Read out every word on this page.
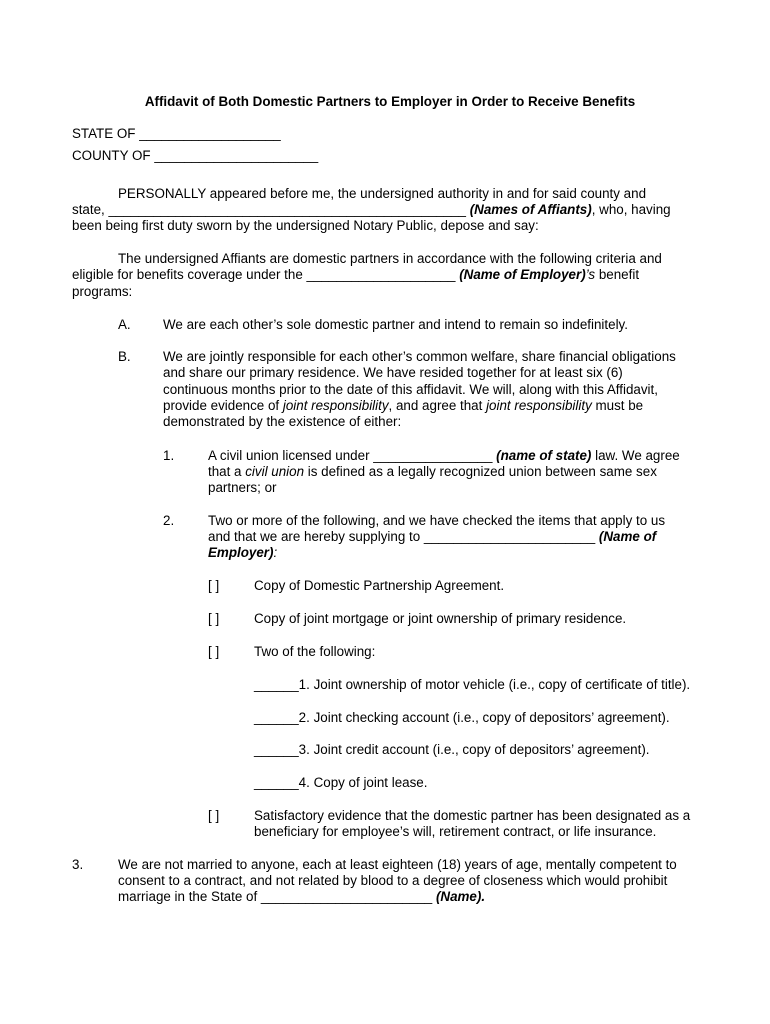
Affidavit of Both Domestic Partners to Employer in Order to Receive Benefits
STATE OF ___________________
COUNTY OF ______________________
PERSONALLY appeared before me, the undersigned authority in and for said county and
state, ________________________________________________ (Names of Affiants), who, having
been being first duty sworn by the undersigned Notary Public, depose and say:
The undersigned Affiants are domestic partners in accordance with the following criteria and
eligible for benefits coverage under the ____________________ (Name of Employer)’s benefit
programs:
A. We are each other’s sole domestic partner and intend to remain so indefinitely.
B. We are jointly responsible for each other’s common welfare, share financial obligations
and share our primary residence. We have resided together for at least six (6)
continuous months prior to the date of this affidavit. We will, along with this Affidavit,
provide evidence of joint responsibility, and agree that joint responsibility must be
demonstrated by the existence of either:
1.	A civil union licensed under ________________ (name of state) law. We agree
that a civil union is defined as a legally recognized union between same sex
partners; or
2.	Two or more of the following, and we have checked the items that apply to us
and that we are hereby supplying to _______________________ (Name of
Employer):
[ ]	Copy of Domestic Partnership Agreement.
[ ]	Copy of joint mortgage or joint ownership of primary residence.
[ ]	Two of the following:
______1. Joint ownership of motor vehicle (i.e., copy of certificate of title).
______2. Joint checking account (i.e., copy of depositors’ agreement).
______3. Joint credit account (i.e., copy of depositors’ agreement).
______4. Copy of joint lease.
[ ]	Satisfactory evidence that the domestic partner has been designated as a
beneficiary for employee’s will, retirement contract, or life insurance.
3.	We are not married to anyone, each at least eighteen (18) years of age, mentally competent to
consent to a contract, and not related by blood to a degree of closeness which would prohibit
marriage in the State of _______________________ (Name).
